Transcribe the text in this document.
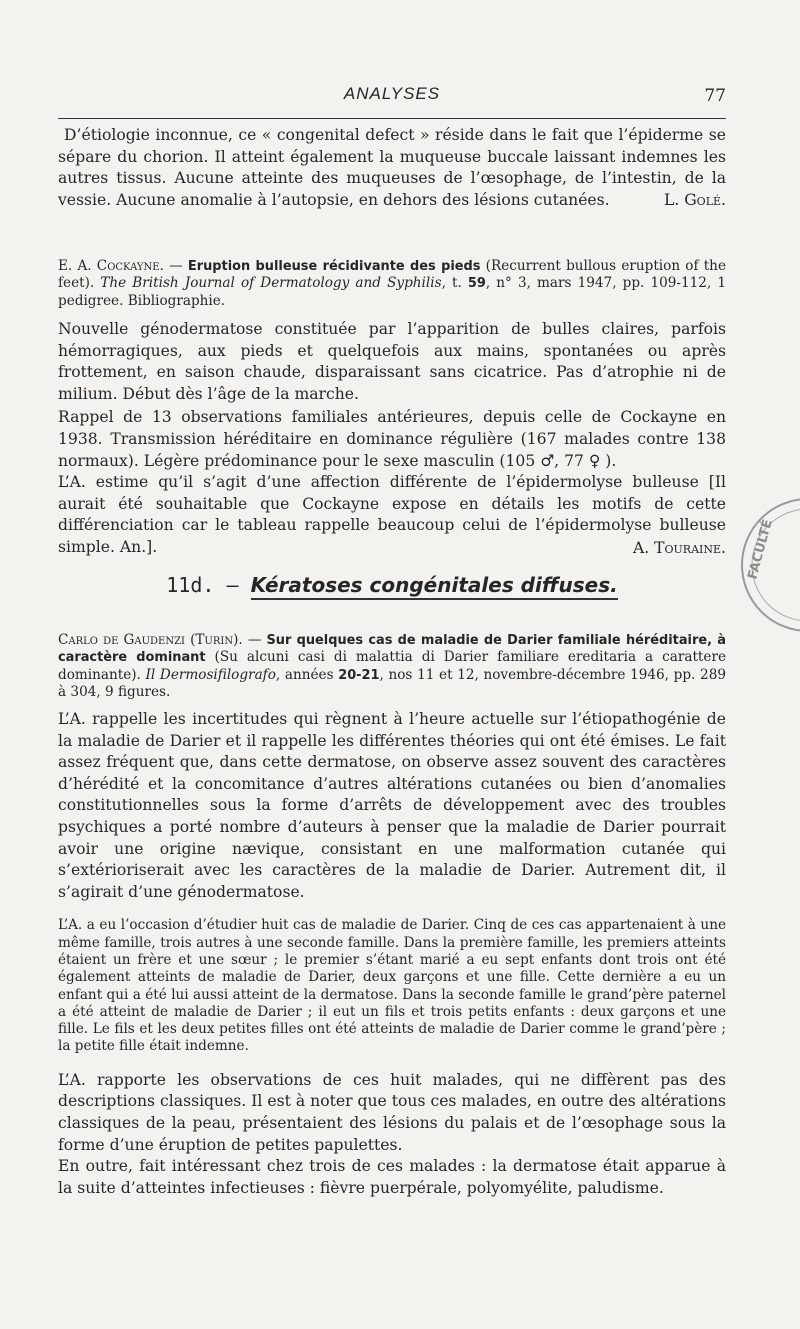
ANALYSES	77

D’étiologie inconnue, ce « congenital defect » réside dans le fait que l’épiderme se sépare du chorion. Il atteint également la muqueuse buccale laissant indemnes les autres tissus. Aucune atteinte des muqueuses de l’œsophage, de l’intestin, de la vessie. Aucune anomalie à l’autopsie, en dehors des lésions cutanées.	L. Golé.

E. A. Cockayne. — Eruption bulleuse récidivante des pieds (Recurrent bullous eruption of the feet). The British Journal of Dermatology and Syphilis, t. 59, n° 3, mars 1947, pp. 109-112, 1 pedigree. Bibliographie.

Nouvelle génodermatose constituée par l’apparition de bulles claires, parfois hémorragiques, aux pieds et quelquefois aux mains, spontanées ou après frottement, en saison chaude, disparaissant sans cicatrice. Pas d’atrophie ni de milium. Début dès l’âge de la marche.

Rappel de 13 observations familiales antérieures, depuis celle de Cockayne en 1938. Transmission héréditaire en dominance régulière (167 malades contre 138 normaux). Légère prédominance pour le sexe masculin (105 ♂, 77 ♀ ).

L’A. estime qu’il s’agit d’une affection différente de l’épidermolyse bulleuse [Il aurait été souhaitable que Cockayne expose en détails les motifs de cette différenciation car le tableau rappelle beaucoup celui de l’épidermolyse bulleuse simple. An.].	A. Touraine.
11d. — Kératoses congénitales diffuses.

Carlo de Gaudenzi (Turin). — Sur quelques cas de maladie de Darier familiale héréditaire, à caractère dominant (Su alcuni casi di malattia di Darier familiare ereditaria a carattere dominante). Il Dermosifilografo, années 20-21, nos 11 et 12, novembre-décembre 1946, pp. 289 à 304, 9 figures.

L’A. rappelle les incertitudes qui règnent à l’heure actuelle sur l’étiopathogénie de la maladie de Darier et il rappelle les différentes théories qui ont été émises. Le fait assez fréquent que, dans cette dermatose, on observe assez souvent des caractères d’hérédité et la concomitance d’autres altérations cutanées ou bien d’anomalies constitutionnelles sous la forme d’arrêts de développement avec des troubles psychiques a porté nombre d’auteurs à penser que la maladie de Darier pourrait avoir une origine nævique, consistant en une malformation cutanée qui s’extérioriserait avec les caractères de la maladie de Darier. Autrement dit, il s’agirait d’une génodermatose.

L’A. a eu l’occasion d’étudier huit cas de maladie de Darier. Cinq de ces cas appartenaient à une même famille, trois autres à une seconde famille. Dans la première famille, les premiers atteints étaient un frère et une sœur ; le premier s’étant marié a eu sept enfants dont trois ont été également atteints de maladie de Darier, deux garçons et une fille. Cette dernière a eu un enfant qui a été lui aussi atteint de la dermatose. Dans la seconde famille le grand’père paternel a été atteint de maladie de Darier ; il eut un fils et trois petits enfants : deux garçons et une fille. Le fils et les deux petites filles ont été atteints de maladie de Darier comme le grand’père ; la petite fille était indemne.

L’A. rapporte les observations de ces huit malades, qui ne diffèrent pas des descriptions classiques. Il est à noter que tous ces malades, en outre des altérations classiques de la peau, présentaient des lésions du palais et de l’œsophage sous la forme d’une éruption de petites papulettes.

En outre, fait intéressant chez trois de ces malades : la dermatose était apparue à la suite d’atteintes infectieuses : fièvre puerpérale, polyomyélite, paludisme.

FACULTÉ
